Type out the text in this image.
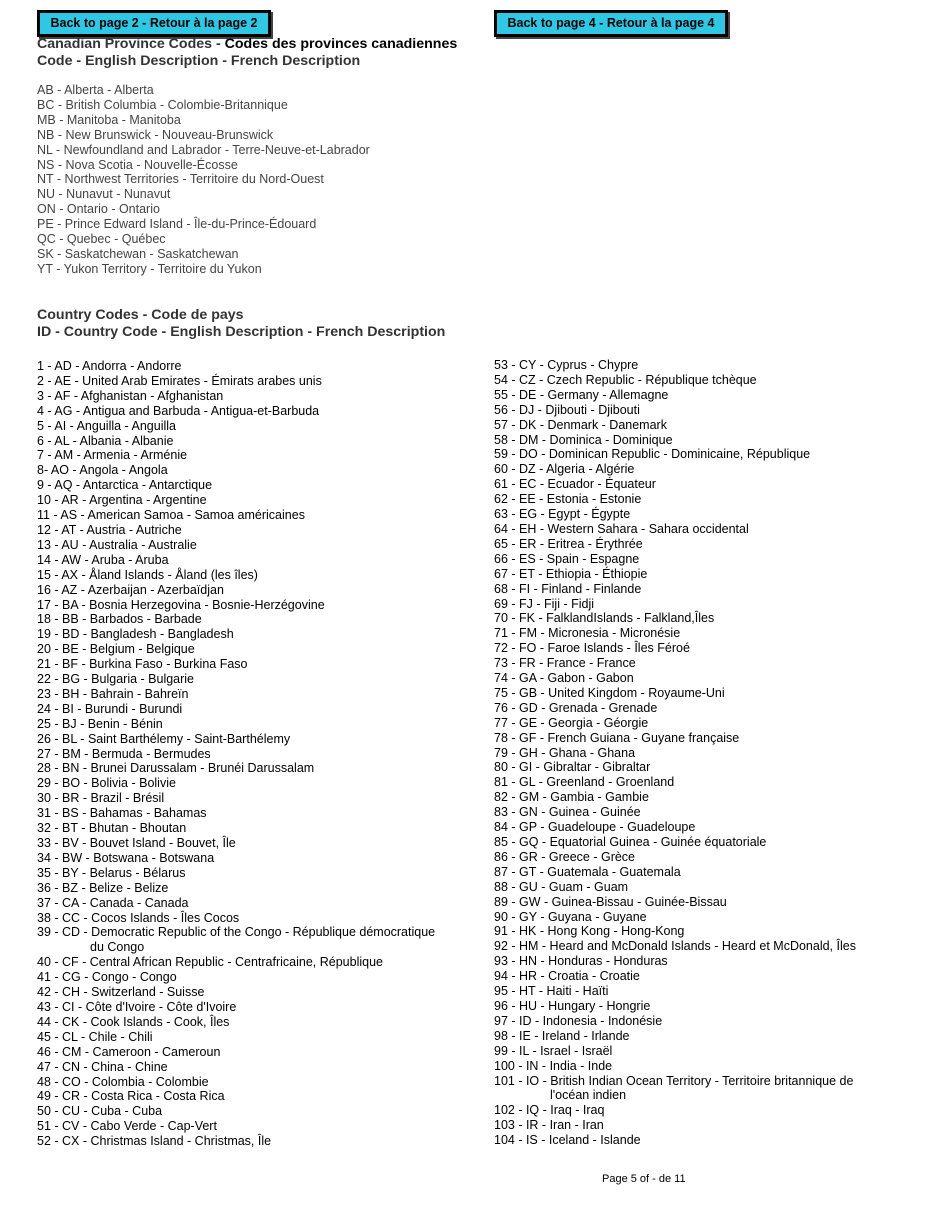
Back to page 2 - Retour à la page 2	Back to page 4 - Retour à la page 4
Canadian Province Codes - Codes des provinces canadiennes
Code - English Description - French Description
AB - Alberta - Alberta
BC - British Columbia - Colombie-Britannique
MB - Manitoba - Manitoba
NB - New Brunswick - Nouveau-Brunswick
NL - Newfoundland and Labrador - Terre-Neuve-et-Labrador
NS - Nova Scotia - Nouvelle-Écosse
NT - Northwest Territories - Territoire du Nord-Ouest
NU - Nunavut - Nunavut
ON - Ontario - Ontario
PE - Prince Edward Island - Île-du-Prince-Édouard
QC - Quebec - Québec
SK - Saskatchewan - Saskatchewan
YT - Yukon Territory - Territoire du Yukon
Country Codes - Code de pays
ID - Country Code - English Description - French Description
1 - AD - Andorra - Andorre
2 - AE - United Arab Emirates - Émirats arabes unis
3 - AF - Afghanistan - Afghanistan
4 - AG - Antigua and Barbuda - Antigua-et-Barbuda
5 - AI - Anguilla - Anguilla
6 - AL - Albania - Albanie
7 - AM - Armenia - Arménie
8- AO - Angola - Angola
9 - AQ - Antarctica - Antarctique
10 - AR - Argentina - Argentine
11 - AS - American Samoa - Samoa américaines
12 - AT - Austria - Autriche
13 - AU - Australia - Australie
14 - AW - Aruba - Aruba
15 - AX - Åland Islands - Åland (les îles)
16 - AZ - Azerbaijan - Azerbaïdjan
17 - BA - Bosnia Herzegovina - Bosnie-Herzégovine
18 - BB - Barbados - Barbade
19 - BD - Bangladesh - Bangladesh
20 - BE - Belgium - Belgique
21 - BF - Burkina Faso - Burkina Faso
22 - BG - Bulgaria - Bulgarie
23 - BH - Bahrain - Bahreïn
24 - BI - Burundi - Burundi
25 - BJ - Benin - Bénin
26 - BL - Saint Barthélemy - Saint-Barthélemy
27 - BM - Bermuda - Bermudes
28 - BN - Brunei Darussalam - Brunéi Darussalam
29 - BO - Bolivia - Bolivie
30 - BR - Brazil - Brésil
31 - BS - Bahamas - Bahamas
32 - BT - Bhutan - Bhoutan
33 - BV - Bouvet Island - Bouvet, Île
34 - BW - Botswana - Botswana
35 - BY - Belarus - Bélarus
36 - BZ - Belize - Belize
37 - CA - Canada - Canada
38 - CC - Cocos Islands - Îles Cocos
39 - CD - Democratic Republic of the Congo - République démocratique
du Congo
40 - CF - Central African Republic - Centrafricaine, République
41 - CG - Congo - Congo
42 - CH - Switzerland - Suisse
43 - CI - Côte d'Ivoire - Côte d'Ivoire
44 - CK - Cook Islands - Cook, Îles
45 - CL - Chile - Chili
46 - CM - Cameroon - Cameroun
47 - CN - China - Chine
48 - CO - Colombia - Colombie
49 - CR - Costa Rica - Costa Rica
50 - CU - Cuba - Cuba
51 - CV - Cabo Verde - Cap-Vert
52 - CX - Christmas Island - Christmas, Île
53 - CY - Cyprus - Chypre
54 - CZ - Czech Republic - République tchèque
55 - DE - Germany - Allemagne
56 - DJ - Djibouti - Djibouti
57 - DK - Denmark - Danemark
58 - DM - Dominica - Dominique
59 - DO - Dominican Republic - Dominicaine, République
60 - DZ - Algeria - Algérie
61 - EC - Ecuador - Équateur
62 - EE - Estonia - Estonie
63 - EG - Egypt - Égypte
64 - EH - Western Sahara - Sahara occidental
65 - ER - Eritrea - Érythrée
66 - ES - Spain - Espagne
67 - ET - Ethiopia - Éthiopie
68 - FI - Finland - Finlande
69 - FJ - Fiji - Fidji
70 - FK - FalklandIslands - Falkland,Îles
71 - FM - Micronesia - Micronésie
72 - FO - Faroe Islands - Îles Féroé
73 - FR - France - France
74 - GA - Gabon - Gabon
75 - GB - United Kingdom - Royaume-Uni
76 - GD - Grenada - Grenade
77 - GE - Georgia - Géorgie
78 - GF - French Guiana - Guyane française
79 - GH - Ghana - Ghana
80 - GI - Gibraltar - Gibraltar
81 - GL - Greenland - Groenland
82 - GM - Gambia - Gambie
83 - GN - Guinea - Guinée
84 - GP - Guadeloupe - Guadeloupe
85 - GQ - Equatorial Guinea - Guinée équatoriale
86 - GR - Greece - Grèce
87 - GT - Guatemala - Guatemala
88 - GU - Guam - Guam
89 - GW - Guinea-Bissau - Guinée-Bissau
90 - GY - Guyana - Guyane
91 - HK - Hong Kong - Hong-Kong
92 - HM - Heard and McDonald Islands - Heard et McDonald, Îles
93 - HN - Honduras - Honduras
94 - HR - Croatia - Croatie
95 - HT - Haiti - Haïti
96 - HU - Hungary - Hongrie
97 - ID - Indonesia - Indonésie
98 - IE - Ireland - Irlande
99 - IL - Israel - Israël
100 - IN - India - Inde
101 - IO - British Indian Ocean Territory - Territoire britannique de
l'océan indien
102 - IQ - Iraq - Iraq
103 - IR - Iran - Iran
104 - IS - Iceland - Islande
Page 5 of - de 11
